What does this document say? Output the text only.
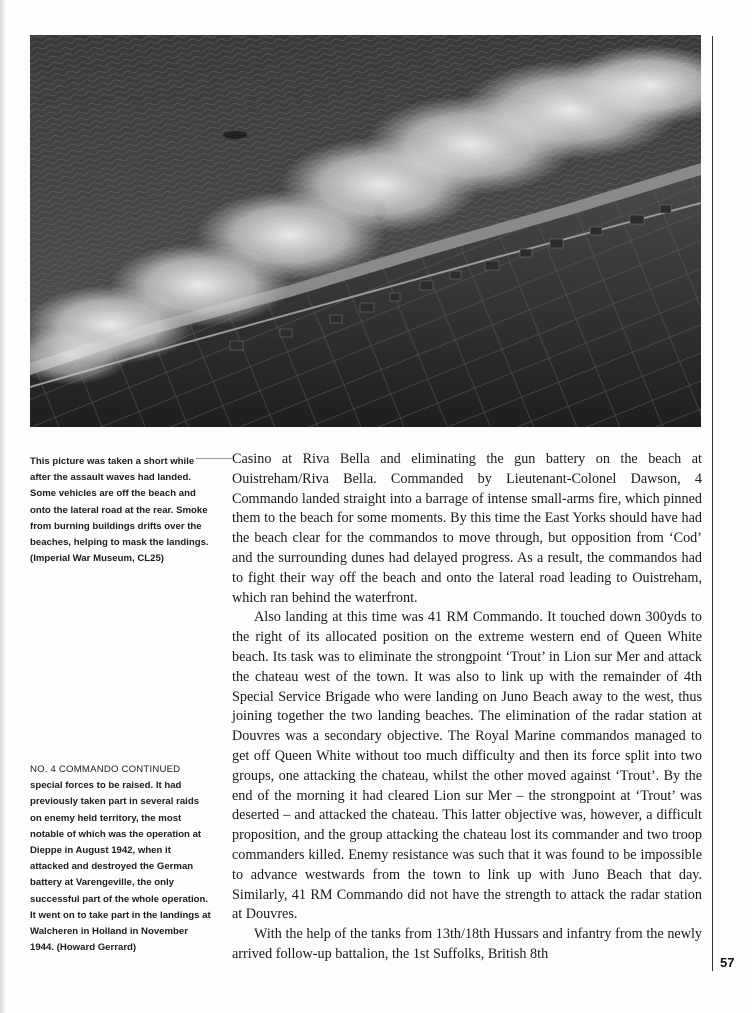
This picture was taken a short while after the assault waves had landed. Some vehicles are off the beach and onto the lateral road at the rear. Smoke from burning buildings drifts over the beaches, helping to mask the landings. (Imperial War Museum, CL25)
NO. 4 COMMANDO CONTINUED
special forces to be raised. It had previously taken part in several raids on enemy held territory, the most notable of which was the operation at Dieppe in August 1942, when it attacked and destroyed the German battery at Varengeville, the only successful part of the whole operation. It went on to take part in the landings at Walcheren in Holland in November 1944. (Howard Gerrard)

Casino at Riva Bella and eliminating the gun battery on the beach at Ouistreham/Riva Bella. Commanded by Lieutenant-Colonel Dawson, 4 Commando landed straight into a barrage of intense small-arms fire, which pinned them to the beach for some moments. By this time the East Yorks should have had the beach clear for the commandos to move through, but opposition from ‘Cod’ and the surrounding dunes had delayed progress. As a result, the commandos had to fight their way off the beach and onto the lateral road leading to Ouistreham, which ran behind the waterfront.

Also landing at this time was 41 RM Commando. It touched down 300yds to the right of its allocated position on the extreme western end of Queen White beach. Its task was to eliminate the strongpoint ‘Trout’ in Lion sur Mer and attack the chateau west of the town. It was also to link up with the remainder of 4th Special Service Brigade who were landing on Juno Beach away to the west, thus joining together the two landing beaches. The elimination of the radar station at Douvres was a secondary objective. The Royal Marine commandos managed to get off Queen White without too much difficulty and then its force split into two groups, one attacking the chateau, whilst the other moved against ‘Trout’. By the end of the morning it had cleared Lion sur Mer – the strongpoint at ‘Trout’ was deserted – and attacked the chateau. This latter objective was, however, a difficult proposition, and the group attacking the chateau lost its commander and two troop commanders killed. Enemy resistance was such that it was found to be impossible to advance westwards from the town to link up with Juno Beach that day. Similarly, 41 RM Commando did not have the strength to attack the radar station at Douvres.

With the help of the tanks from 13th/18th Hussars and infantry from the newly arrived follow-up battalion, the 1st Suffolks, British 8th

57
